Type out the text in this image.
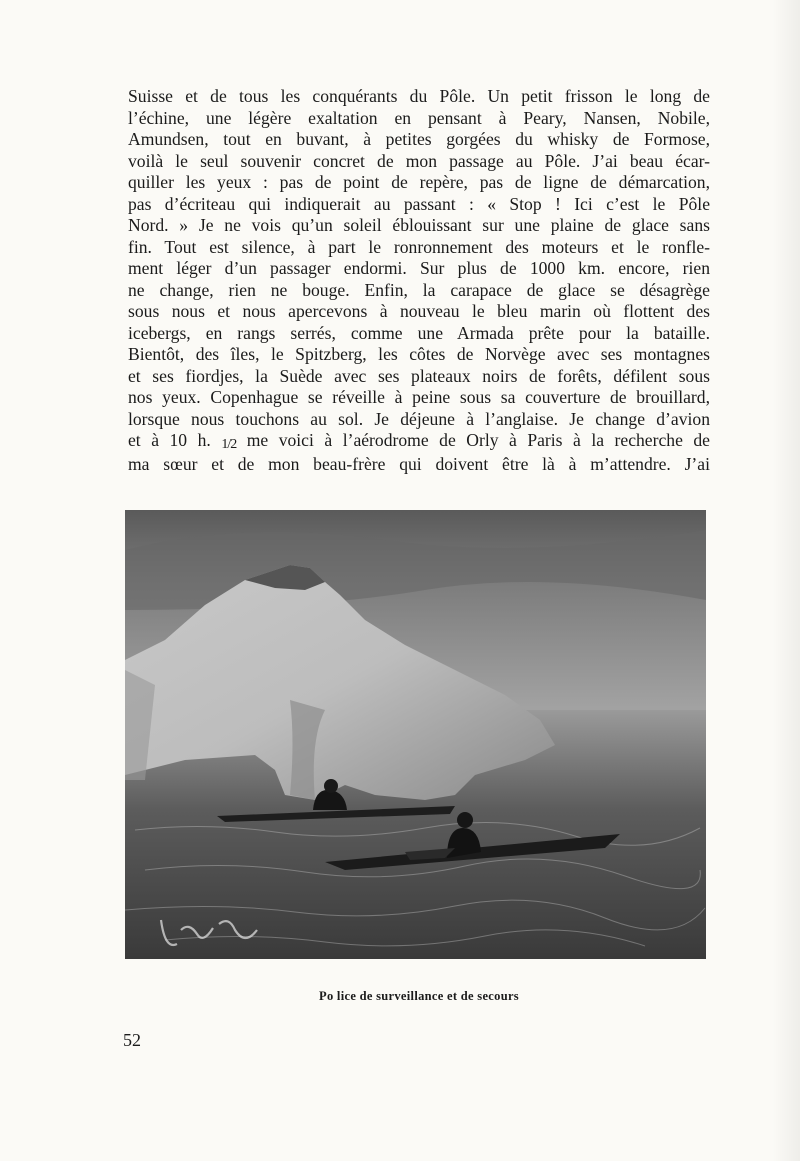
Suisse et de tous les conquérants du Pôle. Un petit frisson le long de
l’échine, une légère exaltation en pensant à Peary, Nansen, Nobile,
Amundsen, tout en buvant, à petites gorgées du whisky de Formose,
voilà le seul souvenir concret de mon passage au Pôle. J’ai beau écar-
quiller les yeux : pas de point de repère, pas de ligne de démarcation,
pas d’écriteau qui indiquerait au passant : « Stop ! Ici c’est le Pôle
Nord. » Je ne vois qu’un soleil éblouissant sur une plaine de glace sans
fin. Tout est silence, à part le ronronnement des moteurs et le ronfle-
ment léger d’un passager endormi. Sur plus de 1000 km. encore, rien
ne change, rien ne bouge. Enfin, la carapace de glace se désagrège
sous nous et nous apercevons à nouveau le bleu marin où flottent des
icebergs, en rangs serrés, comme une Armada prête pour la bataille.
Bientôt, des îles, le Spitzberg, les côtes de Norvège avec ses montagnes
et ses fiordjes, la Suède avec ses plateaux noirs de forêts, défilent sous
nos yeux. Copenhague se réveille à peine sous sa couverture de brouillard,
lorsque nous touchons au sol. Je déjeune à l’anglaise. Je change d’avion
et à 10 h. 1/2 me voici à l’aérodrome de Orly à Paris à la recherche de
ma sœur et de mon beau-frère qui doivent être là à m’attendre. J’ai
Po lice de surveillance et de secours
52
